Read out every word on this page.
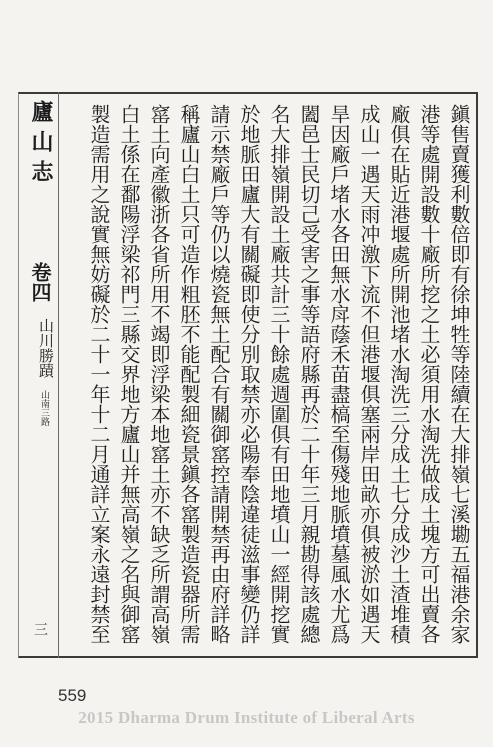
廬山志
卷四
山川勝蹟
山南三路
三	鎭售賣獲利數倍即有徐坤牲等陸續在大排嶺七溪墈五福港余家
港等處開設數十廠所挖之土必須用水淘洗做成土塊方可出賣各
廠俱在貼近港堰處所開池堵水淘洗三分成土七分成沙土渣堆積
成山一遇天雨冲激下流不但港堰俱塞兩岸田畝亦俱被淤如遇天
旱因廠戶堵水各田無水戽蔭禾苗盡槁至傷殘地脈墳墓風水尤爲
闔邑士民切己受害之事等語府縣再於二十年三月親勘得該處總
名大排嶺開設土廠共計三十餘處週圍俱有田地墳山一經開挖實
於地脈田廬大有關礙即使分別取禁亦必陽奉陰違徒滋事變仍詳
請示禁廠戶等仍以燒瓷無土配合有關御窰控請開禁再由府詳略
稱廬山白土只可造作粗胚不能配製細瓷景鎭各窰製造瓷器所需
窰土向產徽浙各省所用不竭即浮梁本地窰土亦不缺乏所謂高嶺
白土係在鄱陽浮梁祁門三縣交界地方廬山并無高嶺之名與御窰
製造需用之說實無妨礙於二十一年十二月通詳立案永遠封禁至
559
2015 Dharma Drum Institute of Liberal Arts
